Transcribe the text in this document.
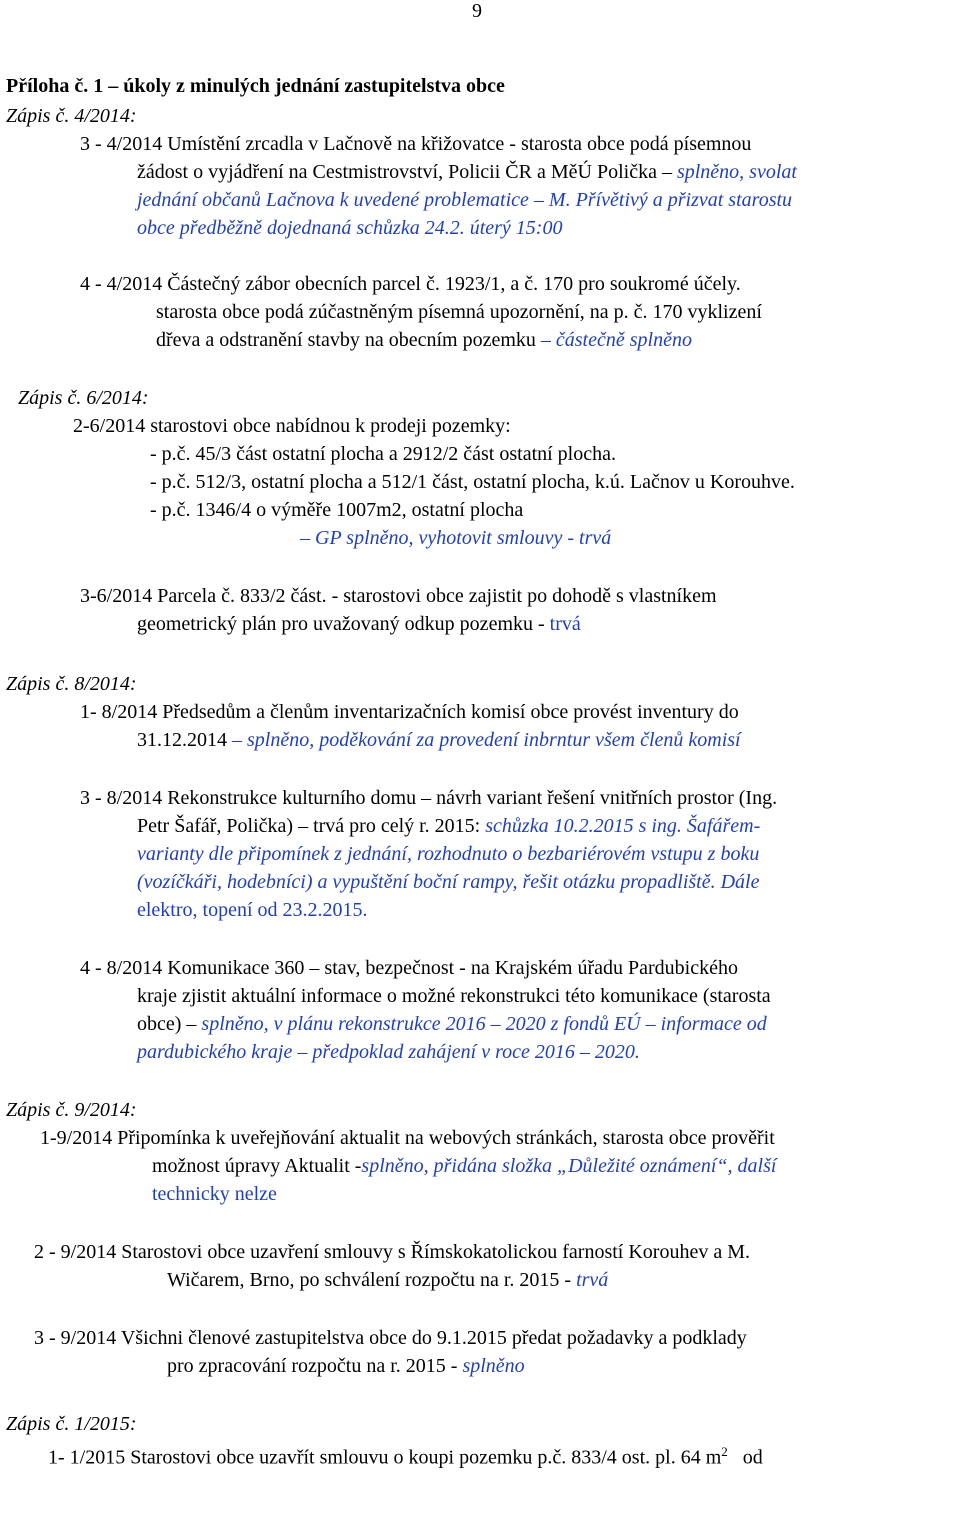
9
Příloha č. 1 – úkoly z minulých jednání zastupitelstva obce
Zápis č. 4/2014:
3 - 4/2014 Umístění zrcadla v Lačnově na křižovatce - starosta obce podá písemnou
žádost o vyjádření na Cestmistrovství, Policii ČR a MěÚ Polička – splněno, svolat
jednání občanů Lačnova k uvedené problematice – M. Přívětivý a přizvat starostu
obce předběžně dojednaná schůzka 24.2. úterý 15:00
4 - 4/2014 Částečný zábor obecních parcel č. 1923/1, a č. 170 pro soukromé účely.
starosta obce podá zúčastněným písemná upozornění, na p. č. 170 vyklizení
dřeva a odstranění stavby na obecním pozemku – částečně splněno
Zápis č. 6/2014:
2-6/2014 starostovi obce nabídnou k prodeji pozemky:
- p.č. 45/3 část ostatní plocha a 2912/2 část ostatní plocha.
- p.č. 512/3, ostatní plocha a 512/1 část, ostatní plocha, k.ú. Lačnov u Korouhve.
- p.č. 1346/4 o výměře 1007m2, ostatní plocha
– GP splněno, vyhotovit smlouvy - trvá
3-6/2014 Parcela č. 833/2 část. - starostovi obce zajistit po dohodě s vlastníkem
geometrický plán pro uvažovaný odkup pozemku - trvá
Zápis č. 8/2014:
1- 8/2014 Předsedům a členům inventarizačních komisí obce provést inventury do
31.12.2014 – splněno, poděkování za provedení inbrntur všem členů komisí
3 - 8/2014 Rekonstrukce kulturního domu – návrh variant řešení vnitřních prostor (Ing.
Petr Šafář, Polička) – trvá pro celý r. 2015: schůzka 10.2.2015 s ing. Šafářem-
varianty dle připomínek z jednání, rozhodnuto o bezbariérovém vstupu z boku
(vozíčkáři, hodebníci) a vypuštění boční rampy, řešit otázku propadliště. Dále
elektro, topení od 23.2.2015.
4 - 8/2014 Komunikace 360 – stav, bezpečnost - na Krajském úřadu Pardubického
kraje zjistit aktuální informace o možné rekonstrukci této komunikace (starosta
obce) – splněno, v plánu rekonstrukce 2016 – 2020 z fondů EÚ – informace od
pardubického kraje – předpoklad zahájení v roce 2016 – 2020.
Zápis č. 9/2014:
1-9/2014 Připomínka k uveřejňování aktualit na webových stránkách, starosta obce prověřit
možnost úpravy Aktualit -splněno, přidána složka „Důležité oznámení“, další
technicky nelze
2 - 9/2014 Starostovi obce uzavření smlouvy s Římskokatolickou farností Korouhev a M.
Wičarem, Brno, po schválení rozpočtu na r. 2015 - trvá
3 - 9/2014 Všichni členové zastupitelstva obce do 9.1.2015 předat požadavky a podklady
pro zpracování rozpočtu na r. 2015 - splněno
Zápis č. 1/2015:
1- 1/2015 Starostovi obce uzavřít smlouvu o koupi pozemku p.č. 833/4 ost. pl. 64 $m^2$   od
